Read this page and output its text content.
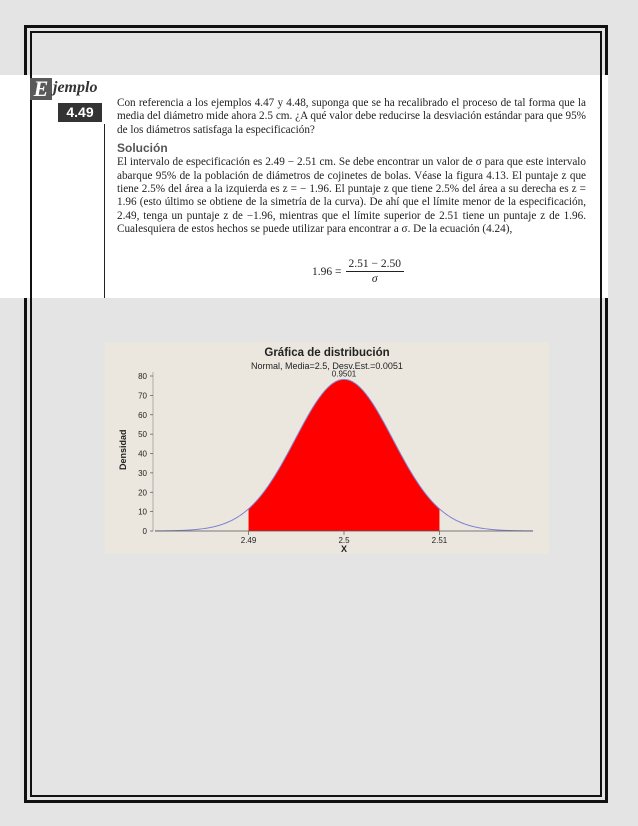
E jemplo
4.49

Con referencia a los ejemplos 4.47 y 4.48, suponga que se ha recalibrado el proceso de tal forma que la media del diámetro mide ahora 2.5 cm. ¿A qué valor debe reducirse la desviación estándar para que 95% de los diámetros satisfaga la especificación?

Solución

El intervalo de especificación es 2.49 − 2.51 cm. Se debe encontrar un valor de σ para que este intervalo abarque 95% de la población de diámetros de cojinetes de bolas. Véase la figura 4.13. El puntaje z que tiene 2.5% del área a la izquierda es z = − 1.96. El puntaje z que tiene 2.5% del área a su derecha es z = 1.96 (esto último se obtiene de la simetría de la curva). De ahí que el límite menor de la especificación, 2.49, tenga un puntaje z de −1.96, mientras que el límite superior de 2.51 tiene un puntaje z de 1.96. Cualesquiera de estos hechos se puede utilizar para encontrar a σ. De la ecuación (4.24),

$1.96 = \frac{2.51 - 2.50}{\sigma}$
Gráfica de distribución
Normal, Media=2.5, Desv.Est.=0.0051
0
10
20
30
40
50
60
70
80
2.49	2.5	2.51
X
0.9501
Densidad
